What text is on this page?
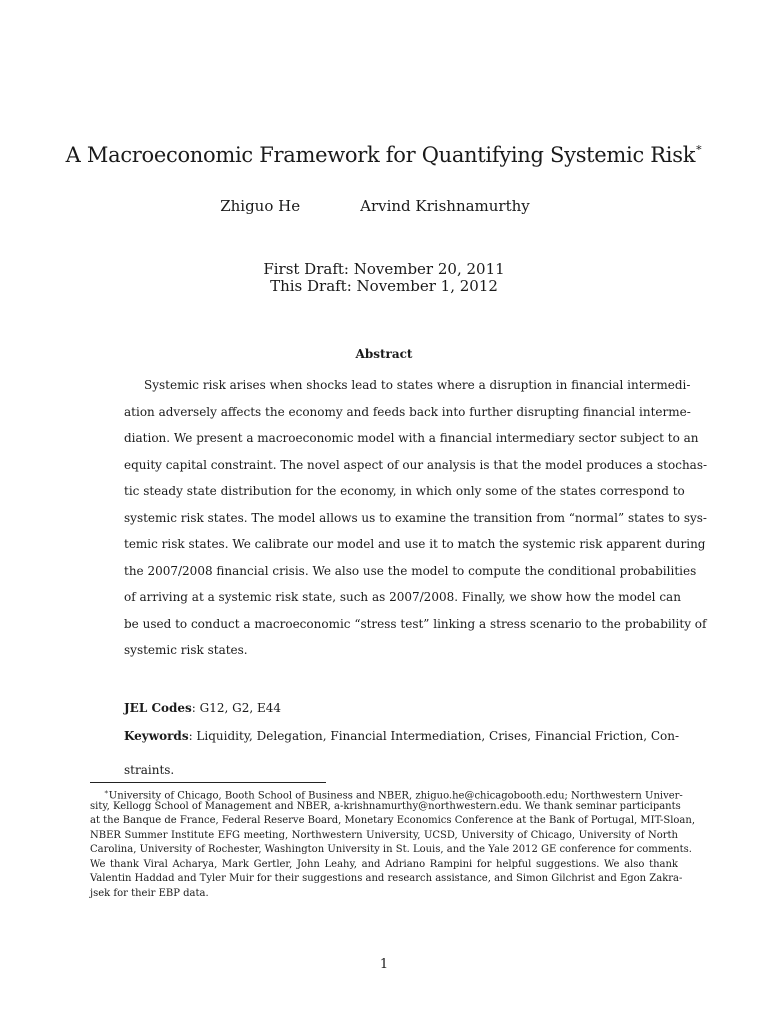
A Macroeconomic Framework for Quantifying Systemic Risk∗
Zhiguo He	Arvind Krishnamurthy
First Draft: November 20, 2011
This Draft: November 1, 2012
Abstract
Systemic risk arises when shocks lead to states where a disruption in financial intermedi-
ation adversely affects the economy and feeds back into further disrupting financial interme-
diation. We present a macroeconomic model with a financial intermediary sector subject to an
equity capital constraint. The novel aspect of our analysis is that the model produces a stochas-
tic steady state distribution for the economy, in which only some of the states correspond to
systemic risk states. The model allows us to examine the transition from “normal” states to sys-
temic risk states. We calibrate our model and use it to match the systemic risk apparent during
the 2007/2008 financial crisis. We also use the model to compute the conditional probabilities
of arriving at a systemic risk state, such as 2007/2008. Finally, we show how the model can
be used to conduct a macroeconomic “stress test” linking a stress scenario to the probability of
systemic risk states.
JEL Codes: G12, G2, E44
Keywords: Liquidity, Delegation, Financial Intermediation, Crises, Financial Friction, Con-
straints.
∗University of Chicago, Booth School of Business and NBER, zhiguo.he@chicagobooth.edu; Northwestern Univer-
sity, Kellogg School of Management and NBER, a-krishnamurthy@northwestern.edu. We thank seminar participants
at the Banque de France, Federal Reserve Board, Monetary Economics Conference at the Bank of Portugal, MIT-Sloan,
NBER Summer Institute EFG meeting, Northwestern University, UCSD, University of Chicago, University of North
Carolina, University of Rochester, Washington University in St. Louis, and the Yale 2012 GE conference for comments.
We thank Viral Acharya, Mark Gertler, John Leahy, and Adriano Rampini for helpful suggestions. We also thank
Valentin Haddad and Tyler Muir for their suggestions and research assistance, and Simon Gilchrist and Egon Zakra-
jsek for their EBP data.
1
